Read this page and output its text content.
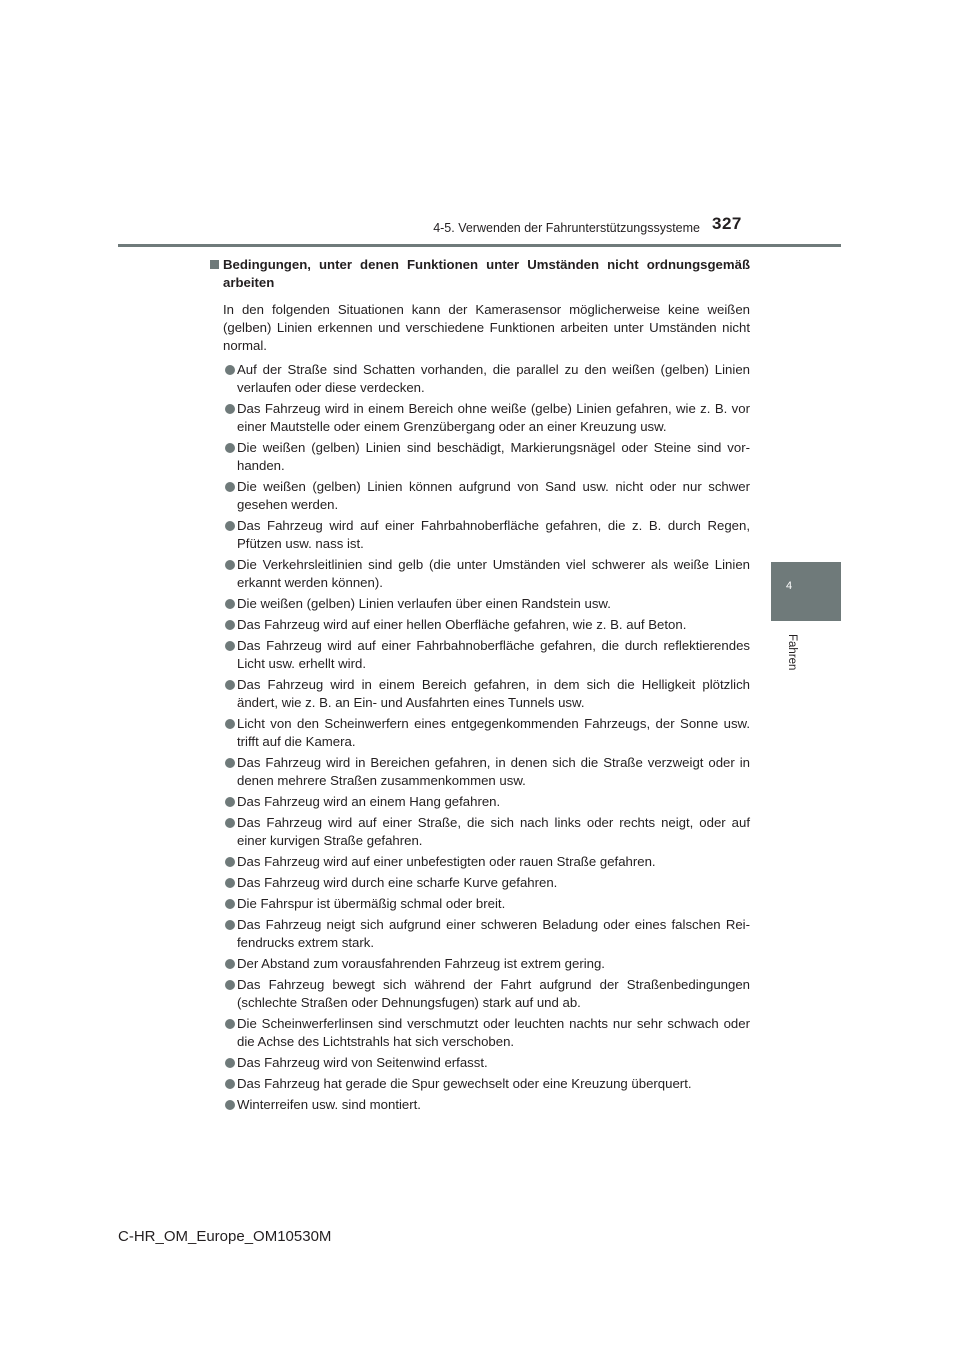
4-5. Verwenden der Fahrunterstützungssysteme 327
4
Fahren
Bedingungen, unter denen Funktionen unter Umständen nicht ordnungsgemäß arbeiten
In den folgenden Situationen kann der Kamerasensor möglicherweise keine weißen (gelben) Linien erkennen und verschiedene Funktionen arbeiten unter Umständen nicht normal.
Auf der Straße sind Schatten vorhanden, die parallel zu den weißen (gelben) Linien verlaufen oder diese verdecken.
Das Fahrzeug wird in einem Bereich ohne weiße (gelbe) Linien gefahren, wie z. B. vor einer Mautstelle oder einem Grenzübergang oder an einer Kreuzung usw.
Die weißen (gelben) Linien sind beschädigt, Markierungsnägel oder Steine sind vor-handen.
Die weißen (gelben) Linien können aufgrund von Sand usw. nicht oder nur schwer gesehen werden.
Das Fahrzeug wird auf einer Fahrbahnoberfläche gefahren, die z. B. durch Regen, Pfützen usw. nass ist.
Die Verkehrsleitlinien sind gelb (die unter Umständen viel schwerer als weiße Linien erkannt werden können).
Die weißen (gelben) Linien verlaufen über einen Randstein usw.
Das Fahrzeug wird auf einer hellen Oberfläche gefahren, wie z. B. auf Beton.
Das Fahrzeug wird auf einer Fahrbahnoberfläche gefahren, die durch reflektierendes Licht usw. erhellt wird.
Das Fahrzeug wird in einem Bereich gefahren, in dem sich die Helligkeit plötzlich ändert, wie z. B. an Ein- und Ausfahrten eines Tunnels usw.
Licht von den Scheinwerfern eines entgegenkommenden Fahrzeugs, der Sonne usw. trifft auf die Kamera.
Das Fahrzeug wird in Bereichen gefahren, in denen sich die Straße verzweigt oder in denen mehrere Straßen zusammenkommen usw.
Das Fahrzeug wird an einem Hang gefahren.
Das Fahrzeug wird auf einer Straße, die sich nach links oder rechts neigt, oder auf einer kurvigen Straße gefahren.
Das Fahrzeug wird auf einer unbefestigten oder rauen Straße gefahren.
Das Fahrzeug wird durch eine scharfe Kurve gefahren.
Die Fahrspur ist übermäßig schmal oder breit.
Das Fahrzeug neigt sich aufgrund einer schweren Beladung oder eines falschen Rei-fendrucks extrem stark.
Der Abstand zum vorausfahrenden Fahrzeug ist extrem gering.
Das Fahrzeug bewegt sich während der Fahrt aufgrund der Straßenbedingungen (schlechte Straßen oder Dehnungsfugen) stark auf und ab.
Die Scheinwerferlinsen sind verschmutzt oder leuchten nachts nur sehr schwach oder die Achse des Lichtstrahls hat sich verschoben.
Das Fahrzeug wird von Seitenwind erfasst.
Das Fahrzeug hat gerade die Spur gewechselt oder eine Kreuzung überquert.
Winterreifen usw. sind montiert.
C-HR_OM_Europe_OM10530M
